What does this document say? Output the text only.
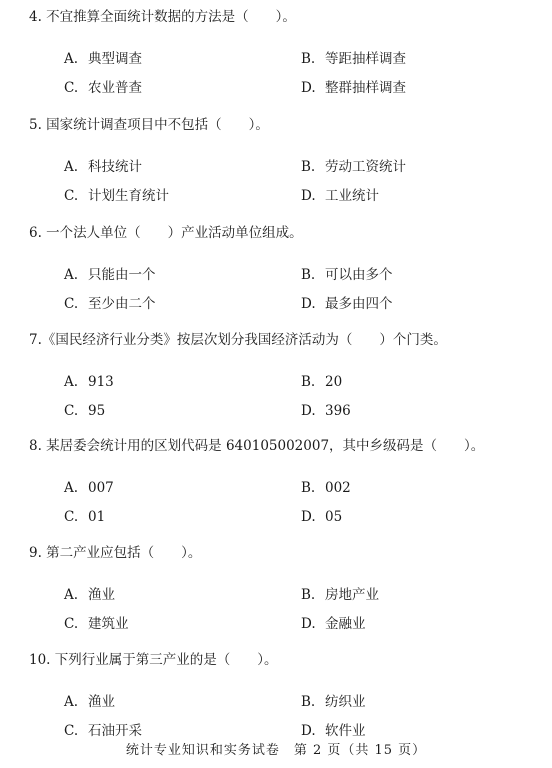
4. 不宜推算全面统计数据的方法是（　　）。
A. 典型调查	B. 等距抽样调查
C. 农业普查	D. 整群抽样调查
5. 国家统计调查项目中不包括（　　）。
A. 科技统计	B. 劳动工资统计
C. 计划生育统计	D. 工业统计
6. 一个法人单位（　　）产业活动单位组成。
A. 只能由一个	B. 可以由多个
C. 至少由二个	D. 最多由四个
7.《国民经济行业分类》按层次划分我国经济活动为（　　）个门类。
A. 913	B. 20
C. 95	D. 396
8. 某居委会统计用的区划代码是 640105002007，其中乡级码是（　　）。
A. 007	B. 002
C. 01	D. 05
9. 第二产业应包括（　　）。
A. 渔业	B. 房地产业
C. 建筑业	D. 金融业
10. 下列行业属于第三产业的是（　　）。
A. 渔业	B. 纺织业
C. 石油开采	D. 软件业
统计专业知识和实务试卷　第 2 页（共 15 页）
